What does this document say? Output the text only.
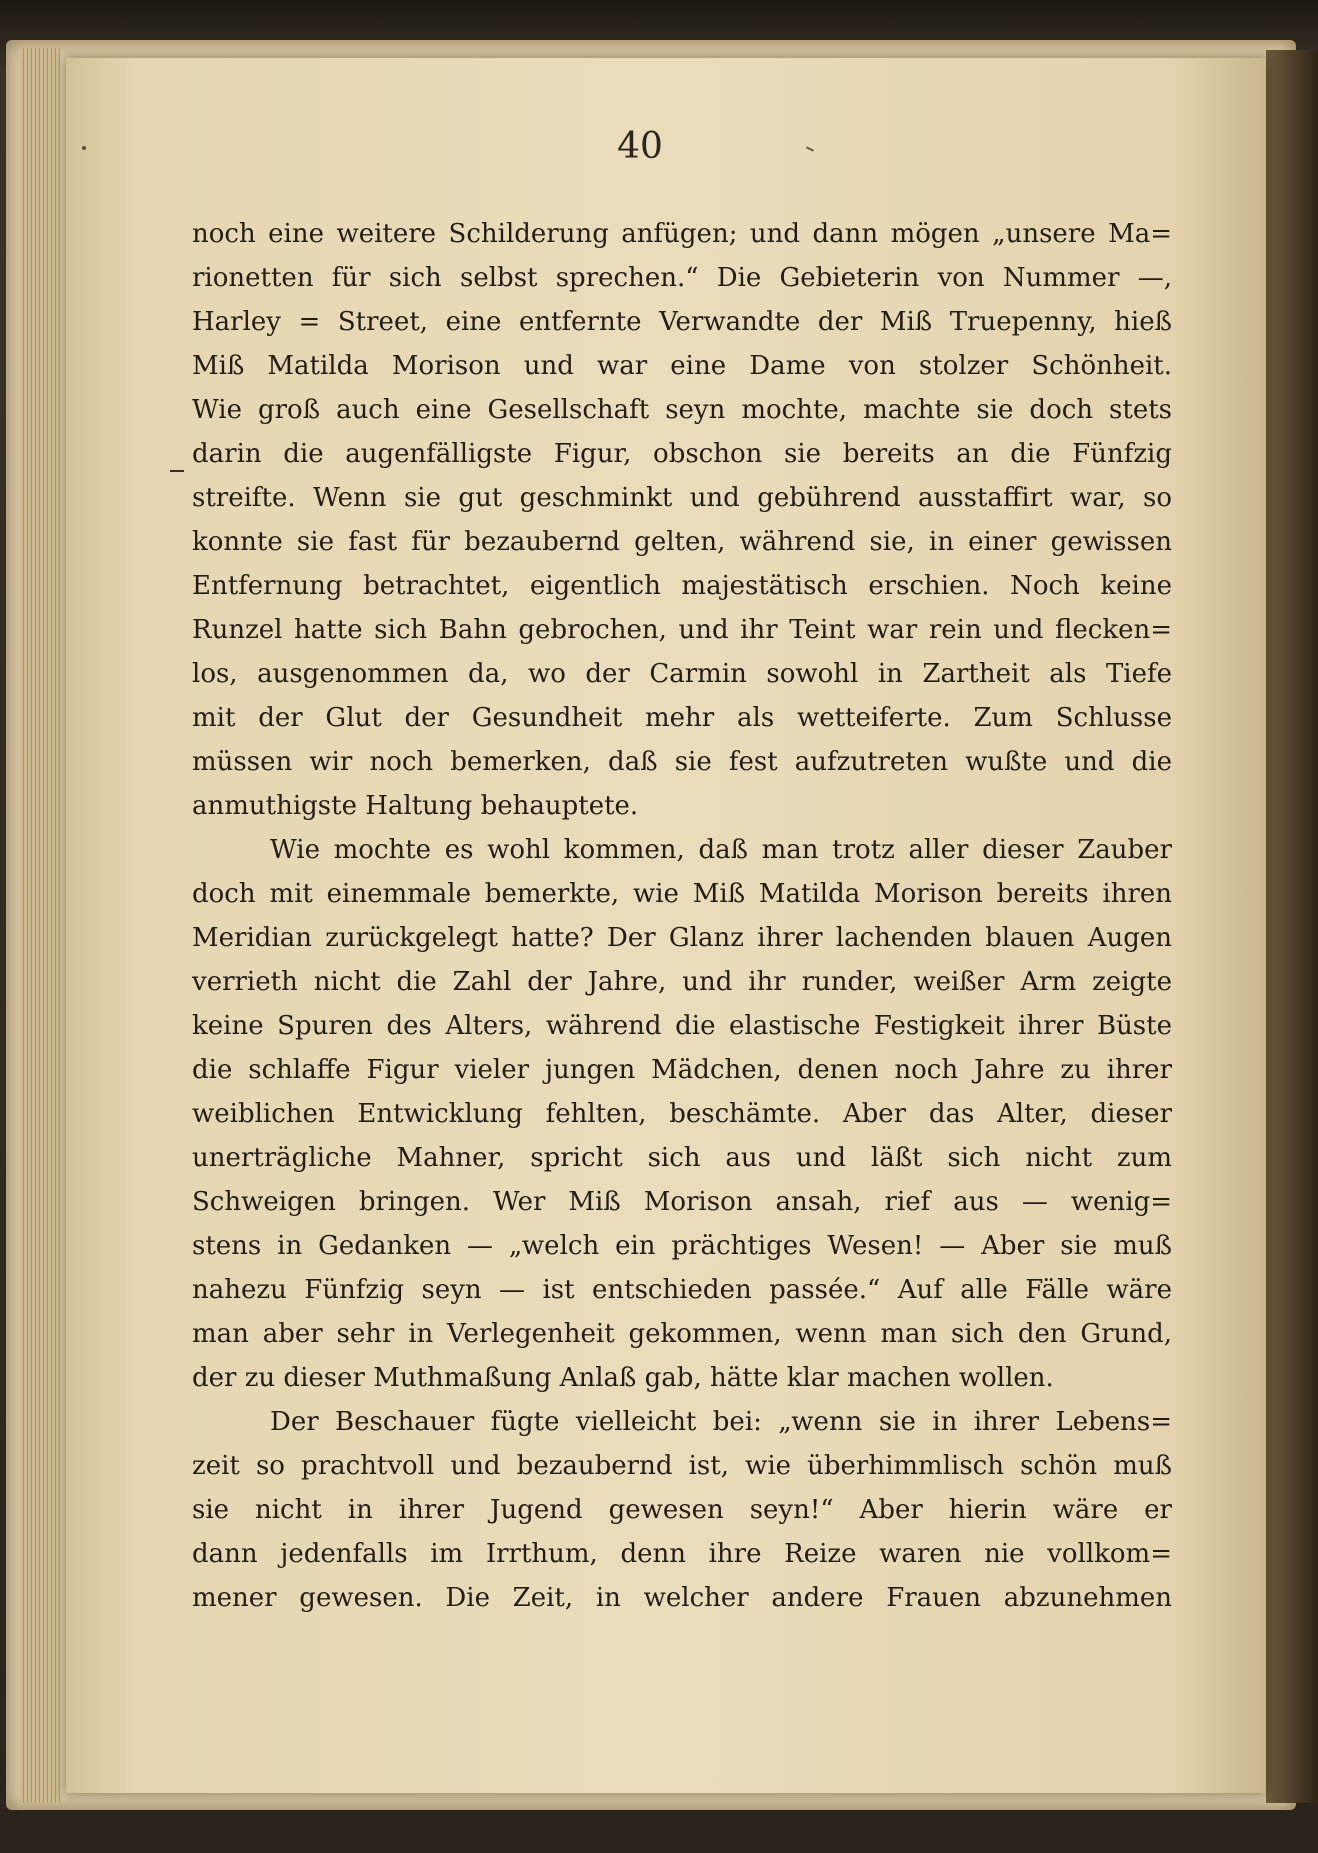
40
noch eine weitere Schilderung anfügen; und dann mögen „unsere Ma=
rionetten für sich selbst sprechen.“ Die Gebieterin von Nummer —,
Harley = Street, eine entfernte Verwandte der Miß Truepenny, hieß
Miß Matilda Morison und war eine Dame von stolzer Schönheit.
Wie groß auch eine Gesellschaft seyn mochte, machte sie doch stets
darin die augenfälligste Figur, obschon sie bereits an die Fünfzig
streifte. Wenn sie gut geschminkt und gebührend ausstaffirt war, so
konnte sie fast für bezaubernd gelten, während sie, in einer gewissen
Entfernung betrachtet, eigentlich majestätisch erschien. Noch keine
Runzel hatte sich Bahn gebrochen, und ihr Teint war rein und flecken=
los, ausgenommen da, wo der Carmin sowohl in Zartheit als Tiefe
mit der Glut der Gesundheit mehr als wetteiferte. Zum Schlusse
müssen wir noch bemerken, daß sie fest aufzutreten wußte und die
anmuthigste Haltung behauptete.
Wie mochte es wohl kommen, daß man trotz aller dieser Zauber
doch mit einemmale bemerkte, wie Miß Matilda Morison bereits ihren
Meridian zurückgelegt hatte? Der Glanz ihrer lachenden blauen Augen
verrieth nicht die Zahl der Jahre, und ihr runder, weißer Arm zeigte
keine Spuren des Alters, während die elastische Festigkeit ihrer Büste
die schlaffe Figur vieler jungen Mädchen, denen noch Jahre zu ihrer
weiblichen Entwicklung fehlten, beschämte. Aber das Alter, dieser
unerträgliche Mahner, spricht sich aus und läßt sich nicht zum
Schweigen bringen. Wer Miß Morison ansah, rief aus — wenig=
stens in Gedanken — „welch ein prächtiges Wesen! — Aber sie muß
nahezu Fünfzig seyn — ist entschieden passée.“ Auf alle Fälle wäre
man aber sehr in Verlegenheit gekommen, wenn man sich den Grund,
der zu dieser Muthmaßung Anlaß gab, hätte klar machen wollen.
Der Beschauer fügte vielleicht bei: „wenn sie in ihrer Lebens=
zeit so prachtvoll und bezaubernd ist, wie überhimmlisch schön muß
sie nicht in ihrer Jugend gewesen seyn!“ Aber hierin wäre er
dann jedenfalls im Irrthum, denn ihre Reize waren nie vollkom=
mener gewesen. Die Zeit, in welcher andere Frauen abzunehmen
